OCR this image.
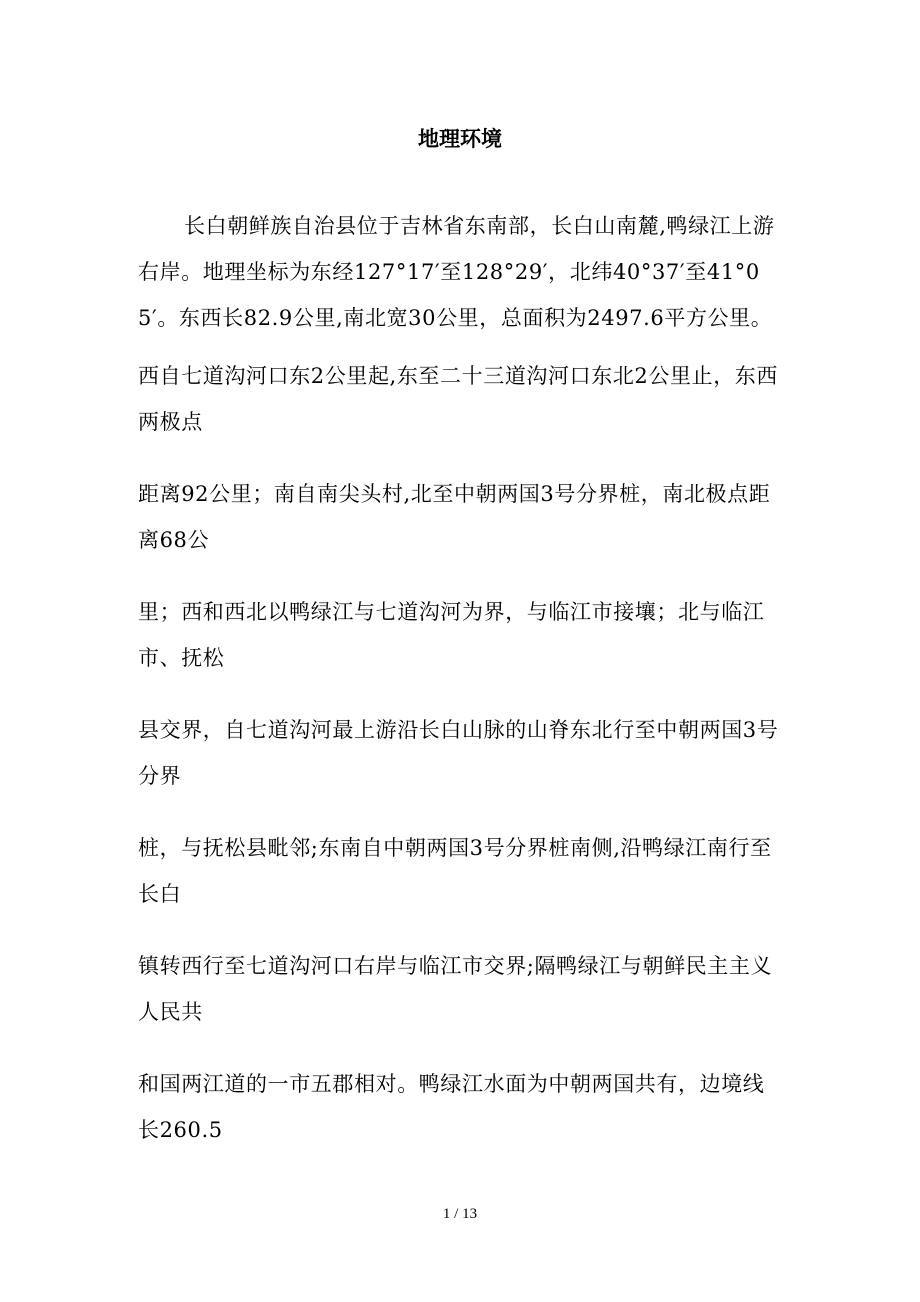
地理环境

长白朝鲜族自治县位于吉林省东南部，长白山南麓,鸭绿江上游
右岸。地理坐标为东经127°17′至128°29′，北纬40°37′至41°0
5′。东西长82.9公里,南北宽30公里，总面积为2497.6平方公里。

西自七道沟河口东2公里起,东至二十三道沟河口东北2公里止，东西
两极点

距离92公里；南自南尖头村,北至中朝两国3号分界桩，南北极点距
离68公

里；西和西北以鸭绿江与七道沟河为界，与临江市接壤；北与临江
市、抚松

县交界，自七道沟河最上游沿长白山脉的山脊东北行至中朝两国3号
分界

桩，与抚松县毗邻;东南自中朝两国3号分界桩南侧,沿鸭绿江南行至
长白

镇转西行至七道沟河口右岸与临江市交界;隔鸭绿江与朝鲜民主主义
人民共

和国两江道的一市五郡相对。鸭绿江水面为中朝两国共有，边境线
长260.5

1 / 13
